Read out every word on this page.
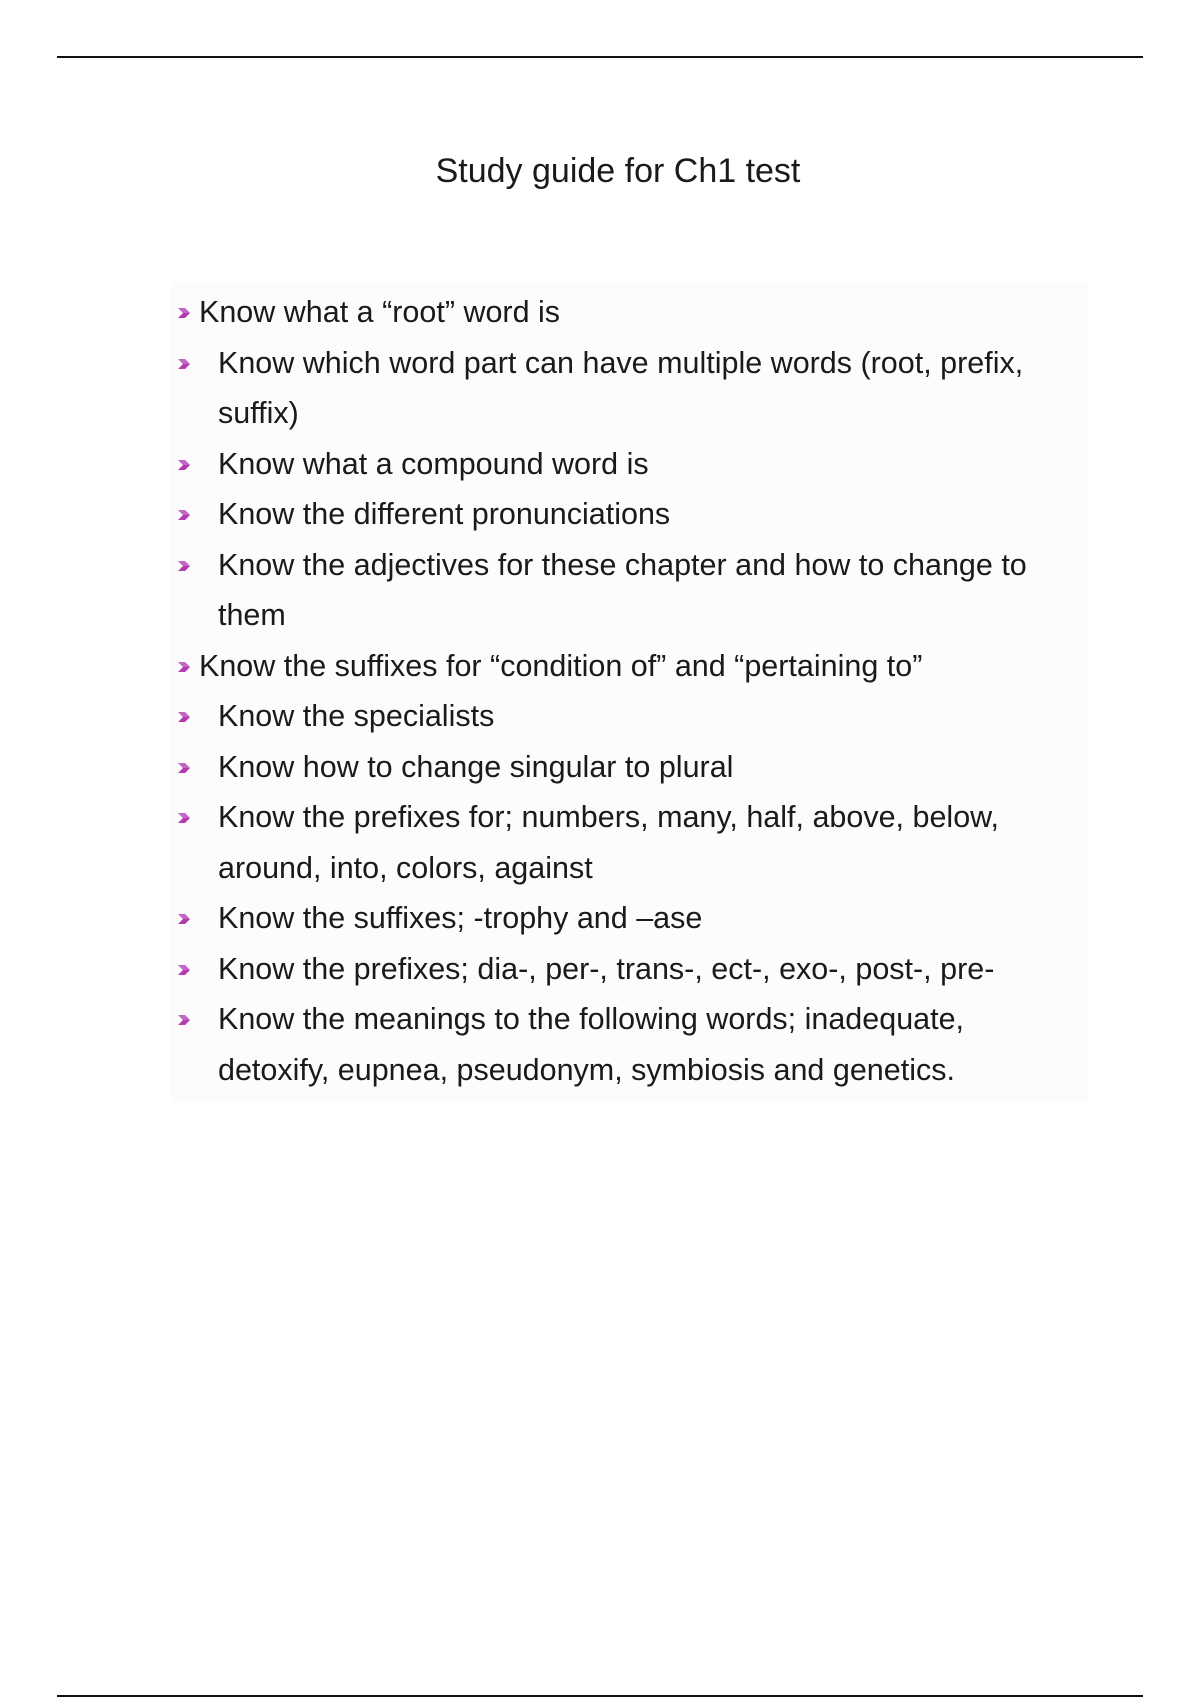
Study guide for Ch1 test
Know what a “root” word is
Know which word part can have multiple words (root, prefix, suffix)
Know what a compound word is
Know the different pronunciations
Know the adjectives for these chapter and how to change to them
Know the suffixes for “condition of” and “pertaining to”
Know the specialists
Know how to change singular to plural
Know the prefixes for; numbers, many, half, above, below, around, into, colors, against
Know the suffixes; -trophy and –ase
Know the prefixes; dia-, per-, trans-, ect-, exo-, post-, pre-
Know the meanings to the following words; inadequate, detoxify, eupnea, pseudonym, symbiosis and genetics.
